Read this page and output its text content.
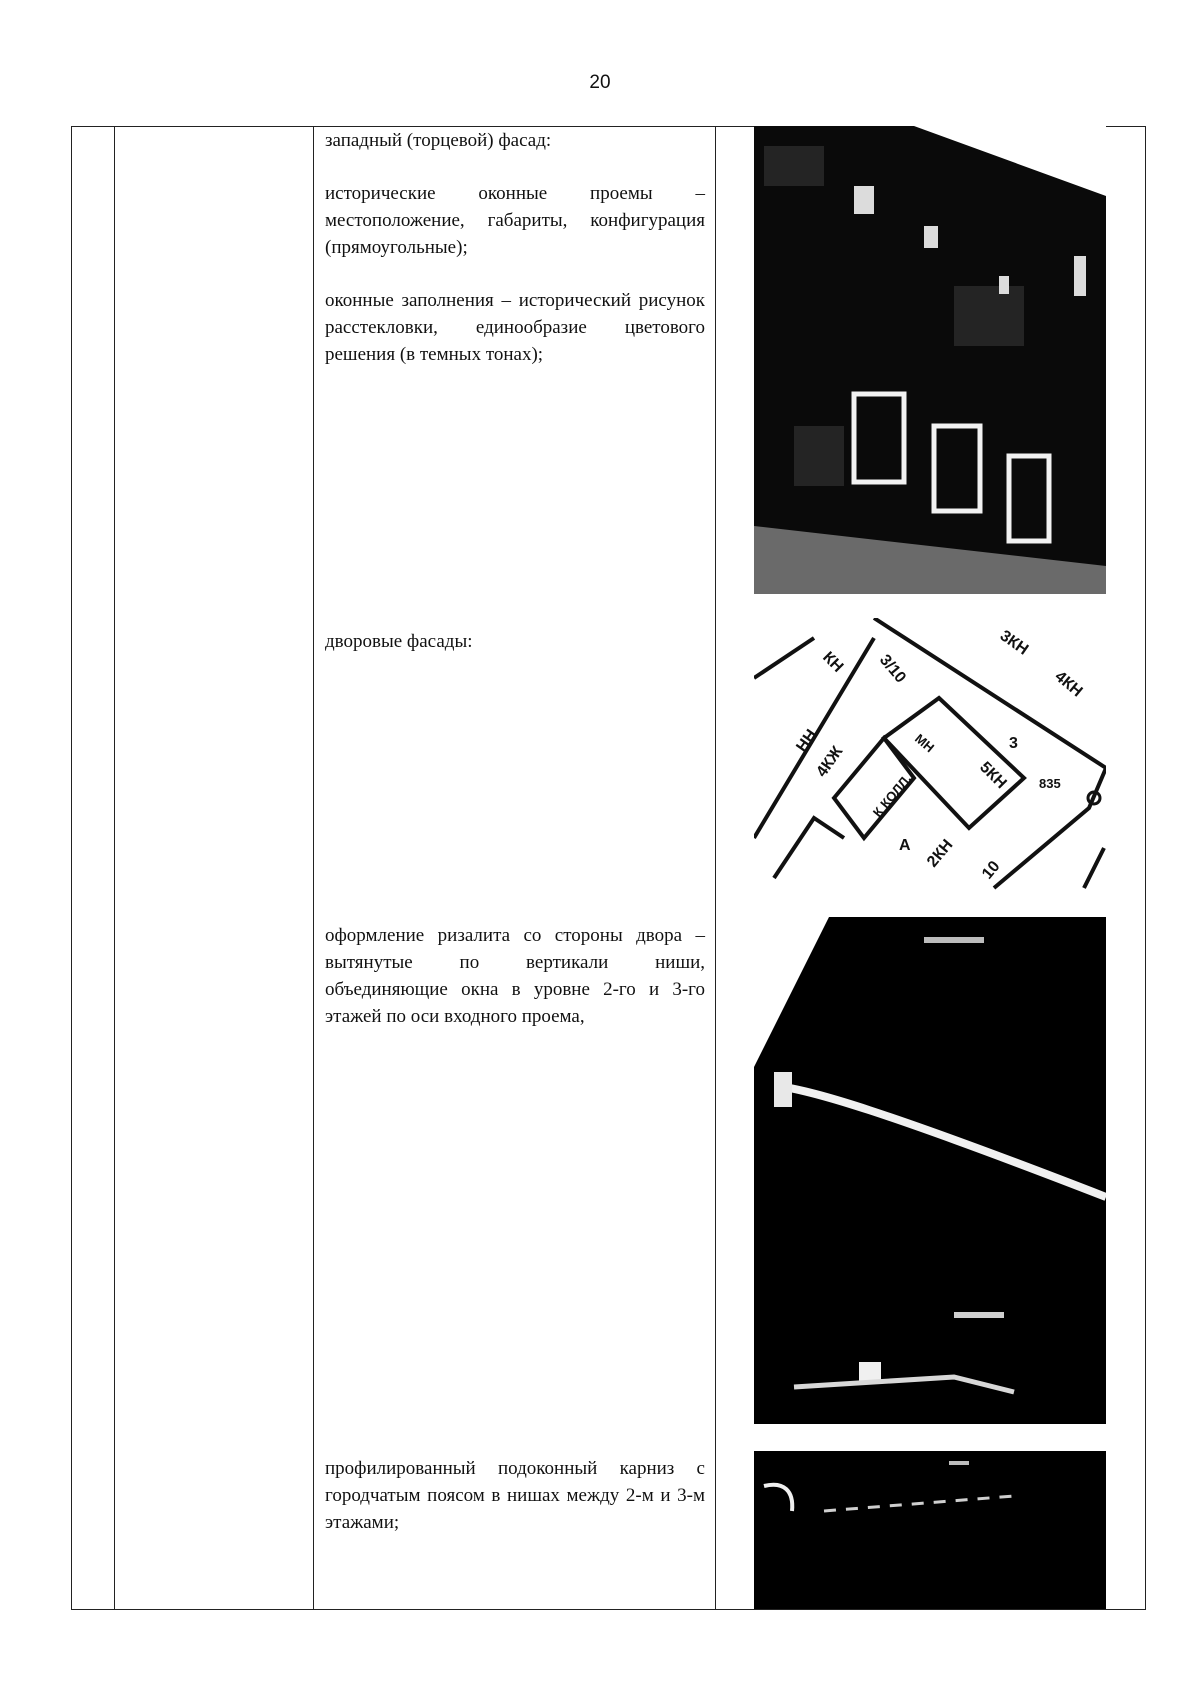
20

западный (торцевой) фасад:

исторические оконные проемы – местоположение, габариты, конфигурация (прямоугольные);

оконные заполнения – исторический рисунок расстекловки, единообразие цветового решения (в темных тонах);

дворовые фасады:

оформление ризалита со стороны двора – вытянутые по вертикали ниши, объединяющие окна в уровне 2-го и 3-го этажей по оси входного проема,

профилированный подоконный карниз с городчатым поясом в нишах между 2-м и 3-м этажами;

КН 3/10
3КН
4КН
4КЖ
НН	3
5КН 835
К КОЛЛ.
2КН 10
А
МН
